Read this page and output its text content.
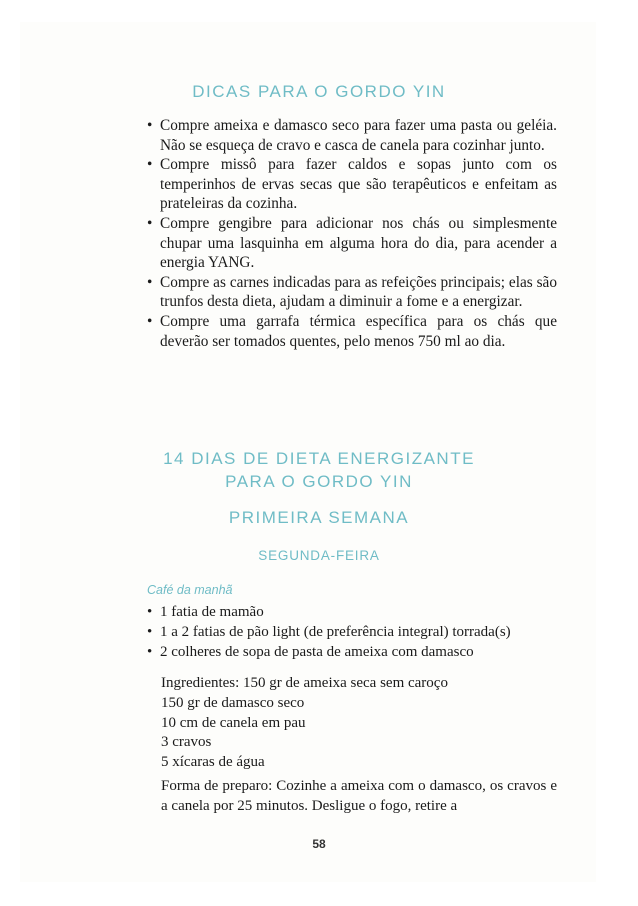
DICAS PARA O GORDO YIN
• Compre ameixa e damasco seco para fazer uma pasta ou geléia. Não se esqueça de cravo e casca de canela para cozinhar junto.
• Compre missô para fazer caldos e sopas junto com os temperinhos de ervas secas que são terapêuticos e enfeitam as prateleiras da cozinha.
• Compre gengibre para adicionar nos chás ou simplesmente chupar uma lasquinha em alguma hora do dia, para acender a energia YANG.
• Compre as carnes indicadas para as refeições principais; elas são trunfos desta dieta, ajudam a diminuir a fome e a energizar.
• Compre uma garrafa térmica específica para os chás que deverão ser tomados quentes, pelo menos 750 ml ao dia.
14 DIAS DE DIETA ENERGIZANTE
PARA O GORDO YIN
PRIMEIRA SEMANA
SEGUNDA-FEIRA
Café da manhã
• 1 fatia de mamão
• 1 a 2 fatias de pão light (de preferência integral) torrada(s)
• 2 colheres de sopa de pasta de ameixa com damasco
Ingredientes: 150 gr de ameixa seca sem caroço
150 gr de damasco seco
10 cm de canela em pau
3 cravos
5 xícaras de água
Forma de preparo: Cozinhe a ameixa com o damasco, os cravos e a canela por 25 minutos. Desligue o fogo, retire a
58
